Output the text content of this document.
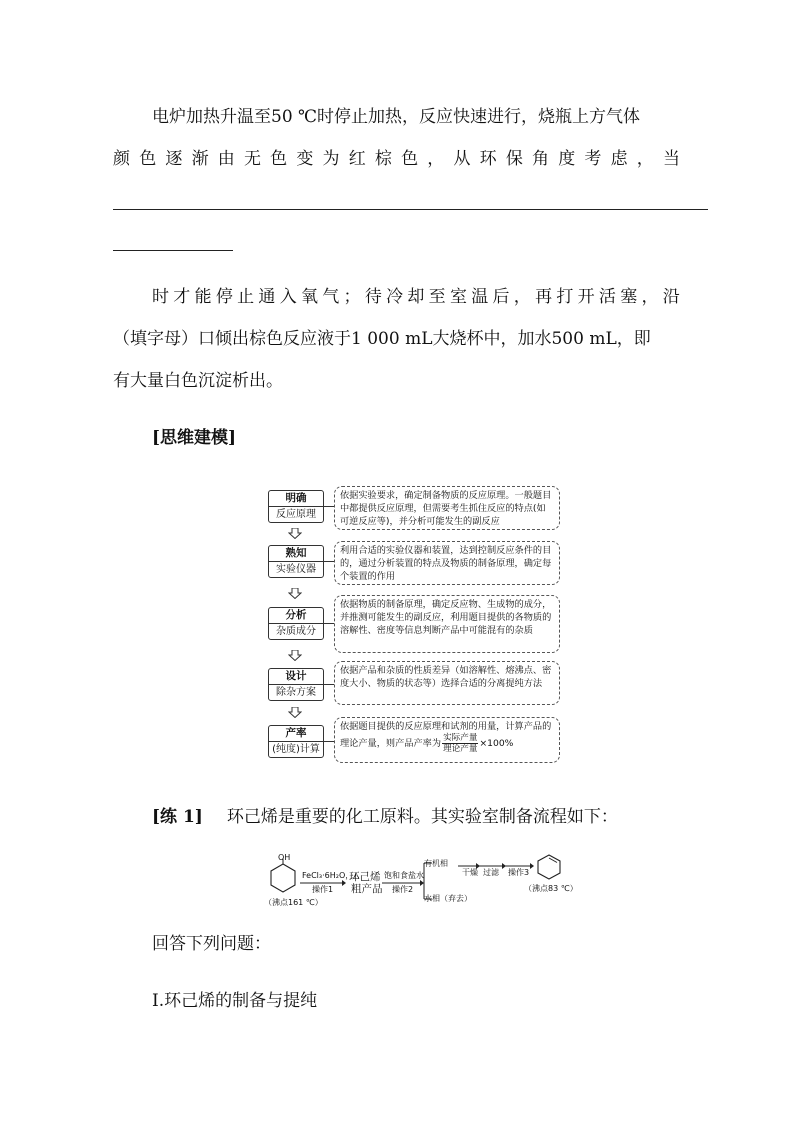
电炉加热升温至50 ℃时停止加热，反应快速进行，烧瓶上方气体
颜 色 逐 渐 由 无 色 变 为 红 棕 色 ， 从 环 保 角 度 考 虑 ， 当
时 才 能 停 止 通 入 氧 气 ； 待 冷 却 至 室 温 后 ， 再 打 开 活 塞 ， 沿
（填字母）口倾出棕色反应液于1 000 mL大烧杯中，加水500 mL，即
有大量白色沉淀析出。
[思维建模]
明确
反应原理
依据实验要求，确定制备物质的反应原理。一般题目中都提供反应原理，但需要考生抓住反应的特点(如可逆反应等)，并分析可能发生的副反应
熟知
实验仪器
利用合适的实验仪器和装置，达到控制反应条件的目的，通过分析装置的特点及物质的制备原理，确定每个装置的作用
分析
杂质成分
依据物质的制备原理，确定反应物、生成物的成分，并推测可能发生的副反应，利用题目提供的各物质的溶解性、密度等信息判断产品中可能混有的杂质
设计
除杂方案
依据产品和杂质的性质差异（如溶解性、熔沸点、密度大小、物质的状态等）选择合适的分离提纯方法
产率
(纯度)计算
依据题目提供的反应原理和试剂的用量，计算产品的理论产量，则产品产率为 $\frac{\text{实际产量}}{\text{理论产量}} \times 100\%$
[练 1] 环己烯是重要的化工原料。其实验室制备流程如下：
OH
FeCl₃·6H₂O，△
操作1
环己烯
粗产品
饱和食盐水
操作2
有机相
干燥 过滤 操作3
水相（弃去）
（沸点161 ℃）
（沸点83 ℃）
回答下列问题：
Ⅰ.环己烯的制备与提纯
